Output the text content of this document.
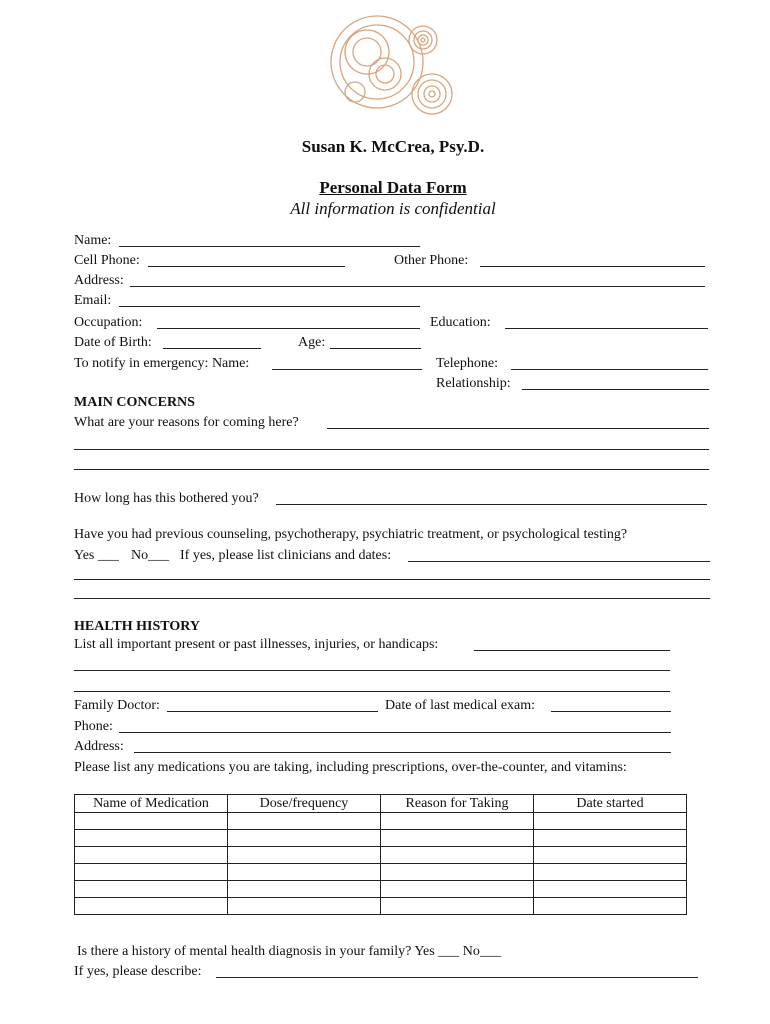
Susan K. McCrea, Psy.D.
Personal Data Form
All information is confidential
Name:
Cell Phone:	Other Phone:
Address:
Email:
Occupation:	Education:
Date of Birth:	Age:
To notify in emergency: Name:	Telephone:
Relationship:
MAIN CONCERNS
What are your reasons for coming here?
How long has this bothered you?
Have you had previous counseling, psychotherapy, psychiatric treatment, or psychological testing?
Yes ___ No___ If yes, please list clinicians and dates:
HEALTH HISTORY
List all important present or past illnesses, injuries, or handicaps:
Family Doctor:	Date of last medical exam:
Phone:
Address:
Please list any medications you are taking, including prescriptions, over-the-counter, and vitamins:
Name of Medication	Dose/frequency	Reason for Taking	Date started

Is there a history of mental health diagnosis in your family? Yes ___ No___
If yes, please describe:
